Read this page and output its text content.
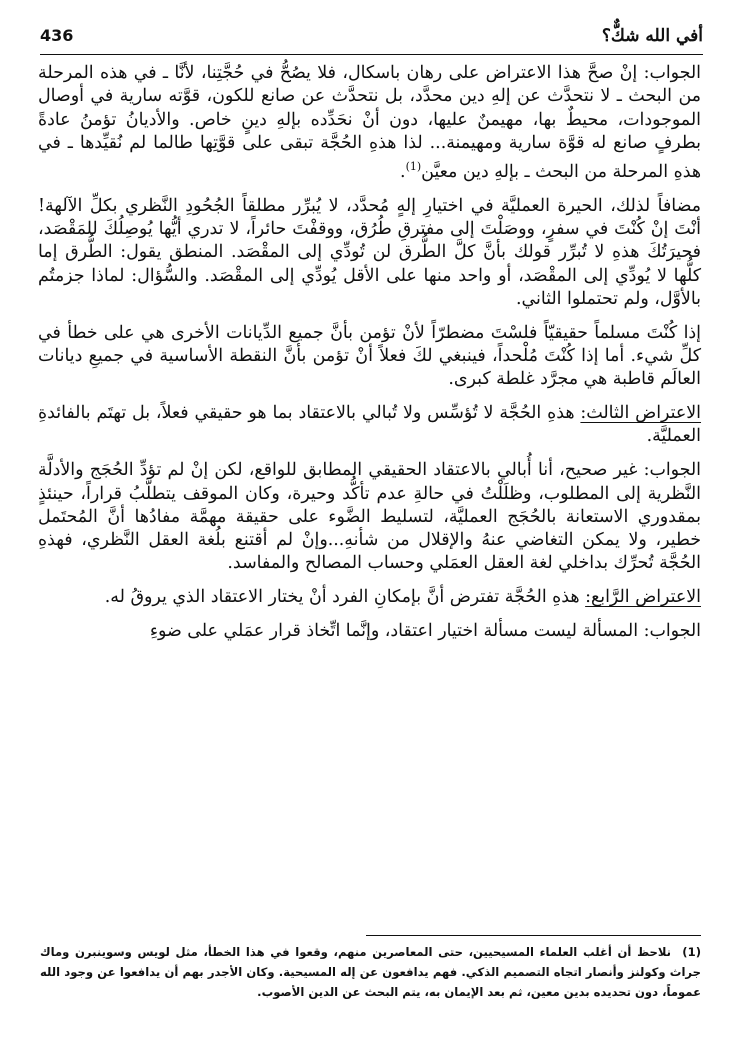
أفي الله شكٌّ؟
436

الجواب: إنْ صحَّ هذا الاعتراض على رهان باسكال، فلا يصُحُّ في حُجَّتِنا، لأنَّا ـ في هذه المرحلة من البحث ـ لا نتحدَّث عن إلهِ دين محدَّد، بل نتحدَّث عن صانع للكون، قوَّته سارية في أوصال الموجودات، محيطٌ بها، مهيمنٌ عليها، دون أنْ نحَدِّده بإلهِ دينٍ خاص. والأديانُ تؤمنُ عادةً بطرفٍ صانع له قوَّة سارية ومهيمنة... لذا هذهِ الحُجَّة تبقى على قوَّتِها طالما لم نُقيِّدها ـ في هذهِ المرحلة من البحث ـ بإلهِ دين معيَّن$^{(1)}$.

مضافاً لذلك، الحيرة العمليَّة في اختيارِ إلهٍ مُحدَّد، لا يُبرِّر مطلقاً الجُحُودِ النَّظري بكلِّ الآلهة! أنْتَ إنْ كُنْتَ في سفرٍ، ووصَلْتَ إلى مفترقِ طُرُق، ووقفْتَ حائراً، لا تدري أيُّها يُوصِلُكَ للمَقْصَد، فحيرَتُكَ هذهِ لا تُبرِّر قولك بأنَّ كلَّ الطُّرق لن تُودِّي إلى المقْصَد. المنطق يقول: الطُّرق إما كلُّها لا يُودِّي إلى المقْصَد، أو واحد منها على الأقل يُودِّي إلى المقْصَد. والسُّؤال: لماذا جزمتُم بالأوَّل، ولم تحتملوا الثاني.

إذا كُنْتَ مسلماً حقيقيّاً فلسْتَ مضطرّاً لأنْ تؤمن بأنَّ جميع الدِّيانات الأخرى هي على خطأ في كلِّ شيء. أما إذا كُنْتَ مُلْحداً، فينبغي لكَ فعلاً أنْ تؤمن بأنَّ النقطة الأساسية في جميعِ ديانات العالَم قاطبة هي مجرَّد غلطة كبرى.

الاعتراض الثالث: هذهِ الحُجَّة لا تُؤسِّس ولا تُبالي بالاعتقاد بما هو حقيقي فعلاً، بل تهتَم بالفائدةِ العمليَّة.

الجواب: غير صحيح، أنا أُبالي بالاعتقاد الحقيقي المطابق للواقع، لكن إنْ لم تؤدِّ الحُجَج والأدلَّة النَّظرية إلى المطلوب، وظلَلْتُ في حالةِ عدم تأكُّد وحيرة، وكان الموقف يتطلَّبُ قراراً، حينئذٍ بمقدوري الاستعانة بالحُجَج العمليَّة، لتسليط الضَّوء على حقيقة مهمَّة مفادُها أنَّ المُحتَمل خطير، ولا يمكن التغاضي عنهُ والإقلال من شأنهِ...وإنْ لم أقتنع بلُغة العقل النَّظري، فهذهِ الحُجَّة تُحرِّك بداخلي لغة العقل العمَلي وحساب المصالح والمفاسد.

الاعتراض الرَّابع: هذهِ الحُجَّة تفترض أنَّ بإمكانِ الفرد أنْ يختار الاعتقاد الذي يروقُ له.

الجواب: المسألة ليست مسألة اختيار اعتقاد، وإنَّما اتِّخاذ قرار عمَلي على ضوءِ

(1)نلاحظ أن أغلب العلماء المسيحيين، حتى المعاصرين منهم، وقعوا في هذا الخطأ، مثل لويس وسوينبرن وماك جراث وكولنز وأنصار اتجاه التصميم الذكي. فهم يدافعون عن إله المسيحية. وكان الأجدر بهم أن يدافعوا عن وجود الله عموماً، دون تحديده بدين معين، ثم بعد الإيمان به، يتم البحث عن الدين الأصوب.
